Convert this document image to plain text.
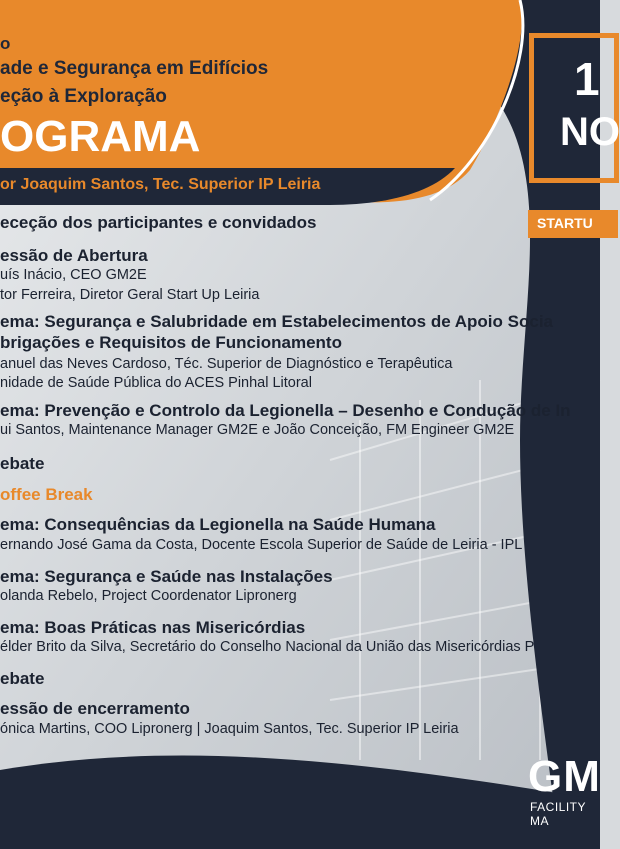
o
ade e Segurança em Edifícios
eção à Exploração
OGRAMA
or Joaquim Santos, Tec. Superior IP Leiria
1
NO
STARTU
eceção dos participantes e convidados
essão de Abertura
uís Inácio, CEO GM2E
tor Ferreira, Diretor Geral Start Up Leiria
ema: Segurança e Salubridade em Estabelecimentos de Apoio Socia
brigações e Requisitos de Funcionamento
anuel das Neves Cardoso, Téc. Superior de Diagnóstico e Terapêutica
nidade de Saúde Pública do ACES Pinhal Litoral
ema: Prevenção e Controlo da Legionella – Desenho e Condução de In
ui Santos, Maintenance Manager GM2E e João Conceição, FM Engineer GM2E
ebate
offee Break
ema: Consequências da Legionella na Saúde Humana
ernando José Gama da Costa, Docente Escola Superior de Saúde de Leiria - IPL
ema: Segurança e Saúde nas Instalações
olanda Rebelo, Project Coordenator Lipronerg
ema: Boas Práticas nas Misericórdias
élder Brito da Silva, Secretário do Conselho Nacional da União das Misericórdias P
ebate
essão de encerramento
ónica Martins, COO Lipronerg | Joaquim Santos, Tec. Superior IP Leiria
GM
FACILITY MA
